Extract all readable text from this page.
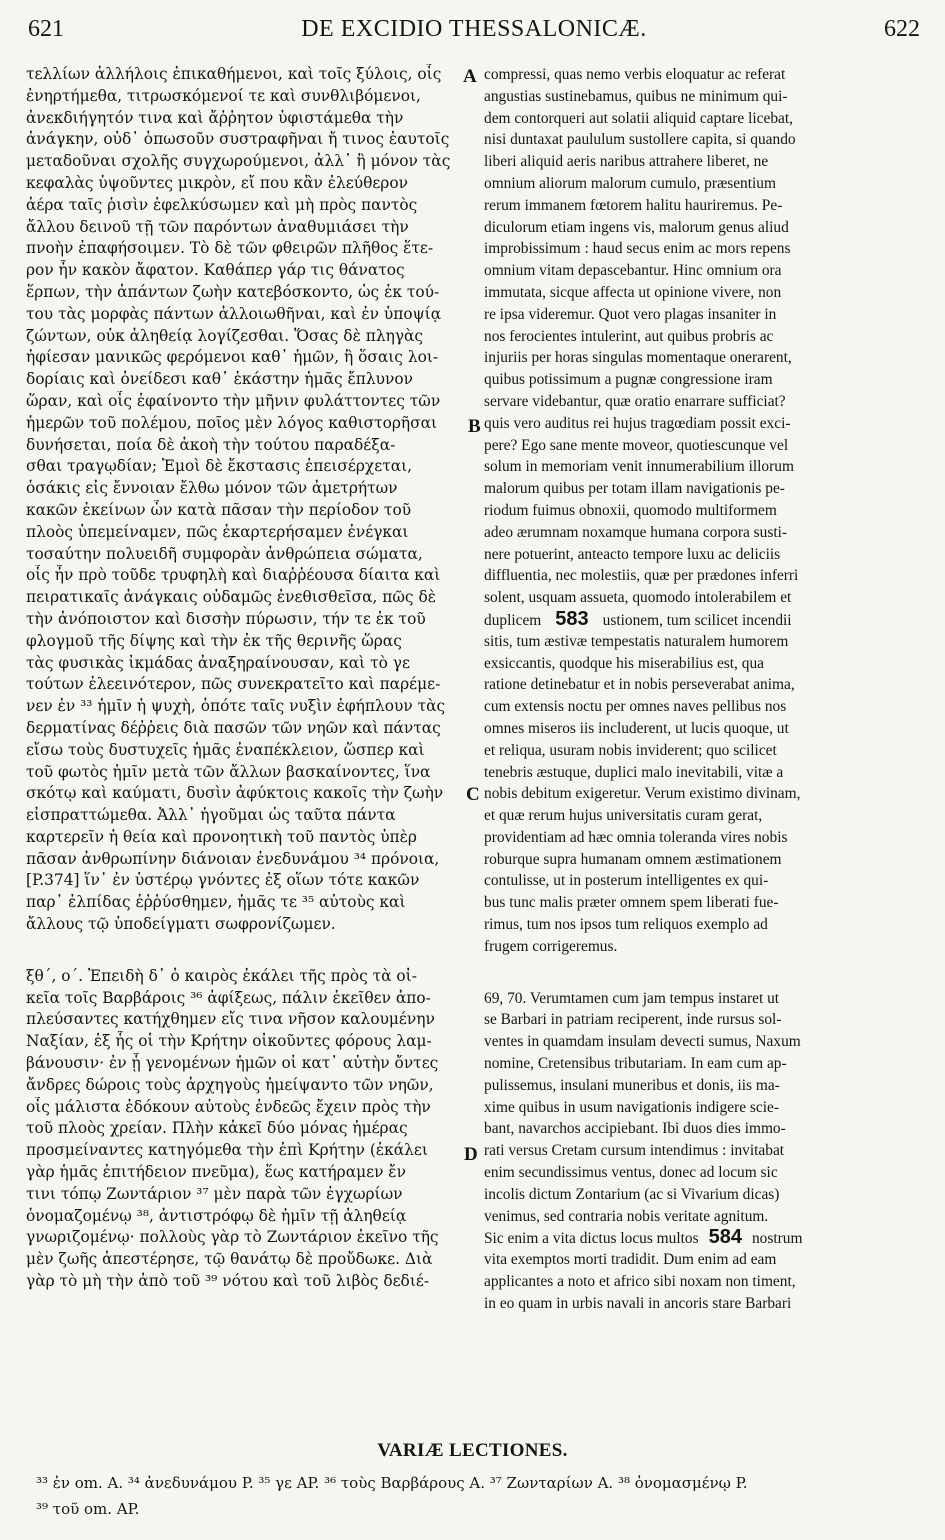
621	DE EXCIDIO THESSALONICÆ.	622
τελλίων ἀλλήλοις ἐπικαθήμενοι, καὶ τοῖς ξύλοις, οἷς
ἐνηρτήμεθα, τιτρωσκόμενοί τε καὶ συνθλιβόμενοι,
ἀνεκδιήγητόν τινα καὶ ἄῤῥητον ὑφιστάμεθα τὴν
ἀνάγκην, οὐδ᾽ ὁπωσοῦν συστραφῆναι ἤ τινος ἑαυτοῖς
μεταδοῦναι σχολῆς συγχωρούμενοι, ἀλλ᾽ ἢ μόνον τὰς
κεφαλὰς ὑψοῦντες μικρὸν, εἴ που κἂν ἐλεύθερον
ἀέρα ταῖς ῥισὶν ἐφελκύσωμεν καὶ μὴ πρὸς παντὸς
ἄλλου δεινοῦ τῇ τῶν παρόντων ἀναθυμιάσει τὴν
πνοὴν ἐπαφήσοιμεν. Τὸ δὲ τῶν φθειρῶν πλῆθος ἕτε-
ρον ἦν κακὸν ἄφατον. Καθάπερ γάρ τις θάνατος
ἕρπων, τὴν ἁπάντων ζωὴν κατεβόσκοντο, ὡς ἐκ τού-
του τὰς μορφὰς πάντων ἀλλοιωθῆναι, καὶ ἐν ὑποψίᾳ
ζώντων, οὐκ ἀληθείᾳ λογίζεσθαι. Ὅσας δὲ πληγὰς
ἠφίεσαν μανικῶς φερόμενοι καθ᾽ ἡμῶν, ἢ ὅσαις λοι-
δορίαις καὶ ὀνείδεσι καθ᾽ ἑκάστην ἡμᾶς ἔπλυνον
ὥραν, καὶ οἷς ἐφαίνοντο τὴν μῆνιν φυλάττοντες τῶν
ἡμερῶν τοῦ πολέμου, ποῖος μὲν λόγος καθιστορῆσαι
δυνήσεται, ποία δὲ ἀκοὴ τὴν τούτου παραδέξα-
σθαι τραγῳδίαν; Ἐμοὶ δὲ ἔκστασις ἐπεισέρχεται,
ὁσάκις εἰς ἔννοιαν ἔλθω μόνον τῶν ἀμετρήτων
κακῶν ἐκείνων ὧν κατὰ πᾶσαν τὴν περίοδον τοῦ
πλοὸς ὑπεμείναμεν, πῶς ἐκαρτερήσαμεν ἐνέγκαι
τοσαύτην πολυειδῆ συμφορὰν ἀνθρώπεια σώματα,
οἷς ἦν πρὸ τοῦδε τρυφηλὴ καὶ διαῤῥέουσα δίαιτα καὶ
πειρατικαῖς ἀνάγκαις οὐδαμῶς ἐνεθισθεῖσα, πῶς δὲ
τὴν ἀνόποιστον καὶ δισσὴν πύρωσιν, τήν τε ἐκ τοῦ
φλογμοῦ τῆς δίψης καὶ τὴν ἐκ τῆς θερινῆς ὥρας
τὰς φυσικὰς ἰκμάδας ἀναξηραίνουσαν, καὶ τὸ γε
τούτων ἐλεεινότερον, πῶς συνεκρατεῖτο καὶ παρέμε-
νεν ἐν ³³ ἡμῖν ἡ ψυχὴ, ὁπότε ταῖς νυξὶν ἐφήπλουν τὰς
δερματίνας δέῤῥεις διὰ πασῶν τῶν νηῶν καὶ πάντας
εἴσω τοὺς δυστυχεῖς ἡμᾶς ἐναπέκλειον, ὥσπερ καὶ
τοῦ φωτὸς ἡμῖν μετὰ τῶν ἄλλων βασκαίνοντες, ἵνα
σκότῳ καὶ καύματι, δυσὶν ἀφύκτοις κακοῖς τὴν ζωὴν
εἰσπραττώμεθα. Ἀλλ᾽ ἡγοῦμαι ὡς ταῦτα πάντα
καρτερεῖν ἡ θεία καὶ προνοητικὴ τοῦ παντὸς ὑπὲρ
πᾶσαν ἀνθρωπίνην διάνοιαν ἐνεδυνάμου ³⁴ πρόνοια,
[P.374] ἵν᾽ ἐν ὑστέρῳ γνόντες ἐξ οἵων τότε κακῶν
παρ᾽ ἐλπίδας ἐῤῥύσθημεν, ἡμᾶς τε ³⁵ αὐτοὺς καὶ
ἄλλους τῷ ὑποδείγματι σωφρονίζωμεν.
ξθ´, ο´. Ἐπειδὴ δ᾽ ὁ καιρὸς ἐκάλει τῆς πρὸς τὰ οἰ-
κεῖα τοῖς Βαρβάροις ³⁶ ἀφίξεως, πάλιν ἐκεῖθεν ἀπο-
πλεύσαντες κατήχθημεν εἴς τινα νῆσον καλουμένην
Ναξίαν, ἐξ ἧς οἱ τὴν Κρήτην οἰκοῦντες φόρους λαμ-
βάνουσιν· ἐν ᾗ γενομένων ἡμῶν οἱ κατ᾽ αὐτὴν ὄντες
ἄνδρες δώροις τοὺς ἀρχηγοὺς ἠμείψαντο τῶν νηῶν,
οἷς μάλιστα ἐδόκουν αὐτοὺς ἐνδεῶς ἔχειν πρὸς τὴν
τοῦ πλοὸς χρείαν. Πλὴν κἀκεῖ δύο μόνας ἡμέρας
προσμείναντες κατηγόμεθα τὴν ἐπὶ Κρήτην (ἐκάλει
γὰρ ἡμᾶς ἐπιτήδειον πνεῦμα), ἕως κατήραμεν ἔν
τινι τόπῳ Ζωντάριον ³⁷ μὲν παρὰ τῶν ἐγχωρίων
ὀνομαζομένῳ ³⁸, ἀντιστρόφῳ δὲ ἡμῖν τῇ ἀληθείᾳ
γνωριζομένῳ· πολλοὺς γὰρ τὸ Ζωντάριον ἐκεῖνο τῆς
μὲν ζωῆς ἀπεστέρησε, τῷ θανάτῳ δὲ προὔδωκε. Διὰ
γὰρ τὸ μὴ τὴν ἀπὸ τοῦ ³⁹ νότου καὶ τοῦ λιβὸς δεδιέ-
compressi, quas nemo verbis eloquatur ac referat
angustias sustinebamus, quibus ne minimum qui-
dem contorqueri aut solatii aliquid captare licebat,
nisi duntaxat paululum sustollere capita, si quando
liberi aliquid aeris naribus attrahere liberet, ne
omnium aliorum malorum cumulo, præsentium
rerum immanem fœtorem halitu hauriremus. Pe-
diculorum etiam ingens vis, malorum genus aliud
improbissimum : haud secus enim ac mors repens
omnium vitam depascebantur. Hinc omnium ora
immutata, sicque affecta ut opinione vivere, non
re ipsa videremur. Quot vero plagas insaniter in
nos ferocientes intulerint, aut quibus probris ac
injuriis per horas singulas momentaque onerarent,
quibus potissimum a pugnæ congressione iram
servare videbantur, quæ oratio enarrare sufficiat?
quis vero auditus rei hujus tragœdiam possit exci-
pere? Ego sane mente moveor, quotiescunque vel
solum in memoriam venit innumerabilium illorum
malorum quibus per totam illam navigationis pe-
riodum fuimus obnoxii, quomodo multiformem
adeo ærumnam noxamque humana corpora susti-
nere potuerint, anteacto tempore luxu ac deliciis
diffluentia, nec molestiis, quæ per prædones inferri
solent, usquam assueta, quomodo intolerabilem et
duplicem 583 ustionem, tum scilicet incendii
sitis, tum æstivæ tempestatis naturalem humorem
exsiccantis, quodque his miserabilius est, qua
ratione detinebatur et in nobis perseverabat anima,
cum extensis noctu per omnes naves pellibus nos
omnes miseros iis includerent, ut lucis quoque, ut
et reliqua, usuram nobis inviderent; quo scilicet
tenebris æstuque, duplici malo inevitabili, vitæ a
nobis debitum exigeretur. Verum existimo divinam,
et quæ rerum hujus universitatis curam gerat,
providentiam ad hæc omnia toleranda vires nobis
roburque supra humanam omnem æstimationem
contulisse, ut in posterum intelligentes ex qui-
bus tunc malis præter omnem spem liberati fue-
rimus, tum nos ipsos tum reliquos exemplo ad
frugem corrigeremus.
69, 70. Verumtamen cum jam tempus instaret ut
se Barbari in patriam reciperent, inde rursus sol-
ventes in quamdam insulam devecti sumus, Naxum
nomine, Cretensibus tributariam. In eam cum ap-
pulissemus, insulani muneribus et donis, iis ma-
xime quibus in usum navigationis indigere scie-
bant, navarchos accipiebant. Ibi duos dies immo-
rati versus Cretam cursum intendimus : invitabat
enim secundissimus ventus, donec ad locum sic
incolis dictum Zontarium (ac si Vivarium dicas)
venimus, sed contraria nobis veritate agnitum.
Sic enim a vita dictus locus multos 584 nostrum
vita exemptos morti tradidit. Dum enim ad eam
applicantes a noto et africo sibi noxam non timent,
in eo quam in urbis navali in ancoris stare Barbari
A
B
C
D
VARIÆ LECTIONES.
³³ ἐν om. A. ³⁴ ἀνεδυνάμου P. ³⁵ γε AP. ³⁶ τοὺς Βαρβάρους A. ³⁷ Ζωνταρίων A. ³⁸ ὀνομασμένῳ P.
³⁹ τοῦ om. AP.
